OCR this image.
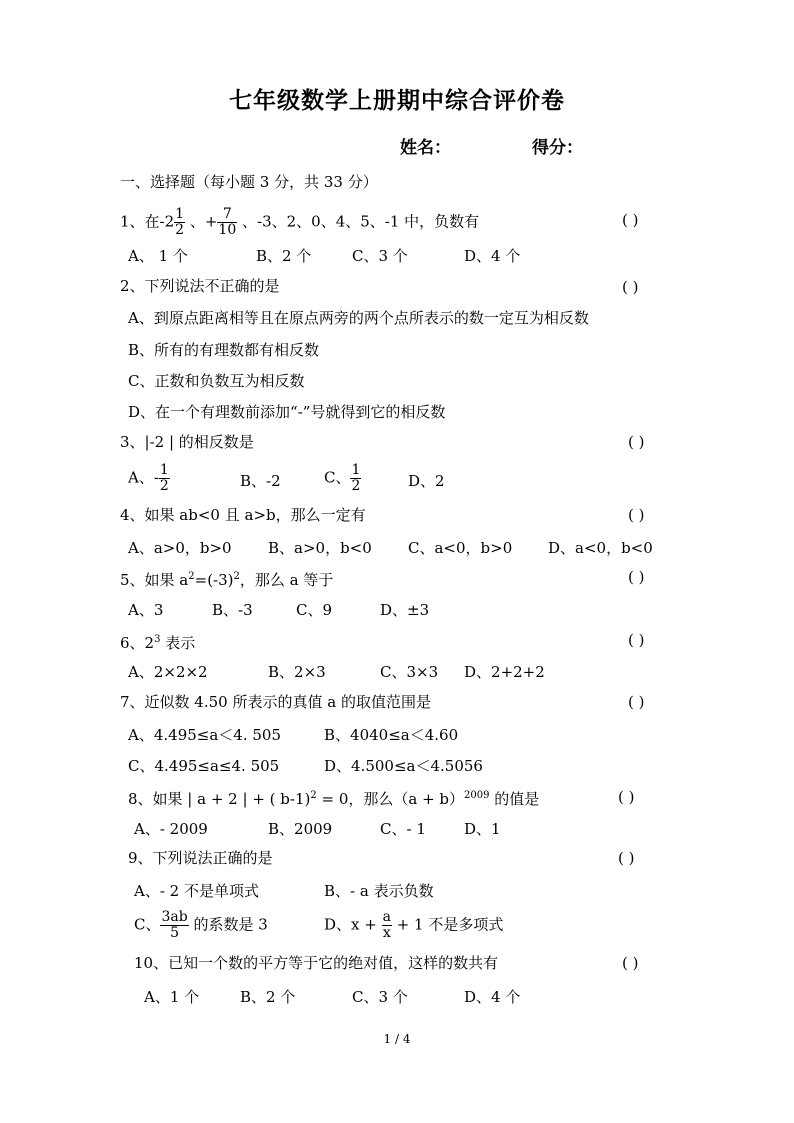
七年级数学上册期中综合评价卷
姓名：	得分：
一、选择题（每小题 3 分，共 33 分）
1、在$-2 \frac{1}{2}$ 、+ $\frac{7}{10}$ 、-3、2、0、4、5、-1 中，负数有	( )
A、 1 个	B、2 个	C、3 个	D、4 个
2、下列说法不正确的是	( )
A、到原点距离相等且在原点两旁的两个点所表示的数一定互为相反数
B、所有的有理数都有相反数
C、正数和负数互为相反数
D、在一个有理数前添加“-”号就得到它的相反数
3、|-2 | 的相反数是	( )
A、- $\frac{1}{2}$	B、-2	C、 $\frac{1}{2}$	D、2
4、如果 ab<0 且 a>b，那么一定有	( )
A、a>0，b>0 B、a>0，b<0 C、a<0，b>0 D、a<0，b<0
5、如果 $a^2=(-3)^2$，那么 a 等于	( )
A、3	B、-3	C、9	D、±3
6、$2^3$ 表示	( )
A、2×2×2	B、2×3	C、3×3 D、2+2+2
7、近似数 4.50 所表示的真值 a 的取值范围是	( )
A、4.495≤a＜4. 505	B、4040≤a＜4.60
C、4.495≤a≤4. 505	D、4.500≤a＜4.5056
8、如果 | a + 2 | + ( b-1)$^2$ = 0，那么$(a + b)^{2009}$ 的值是	( )
A、- 2009	B、2009	C、- 1	D、1
9、下列说法正确的是	( )
A、- 2 不是单项式	B、- a 表示负数
C、 $\frac{3ab}{5}$ 的系数是 3	D、$x + \frac{a}{x} + 1$ 不是多项式
10、已知一个数的平方等于它的绝对值，这样的数共有	( )
A、1 个	B、2 个	C、3 个	D、4 个
1 / 4
